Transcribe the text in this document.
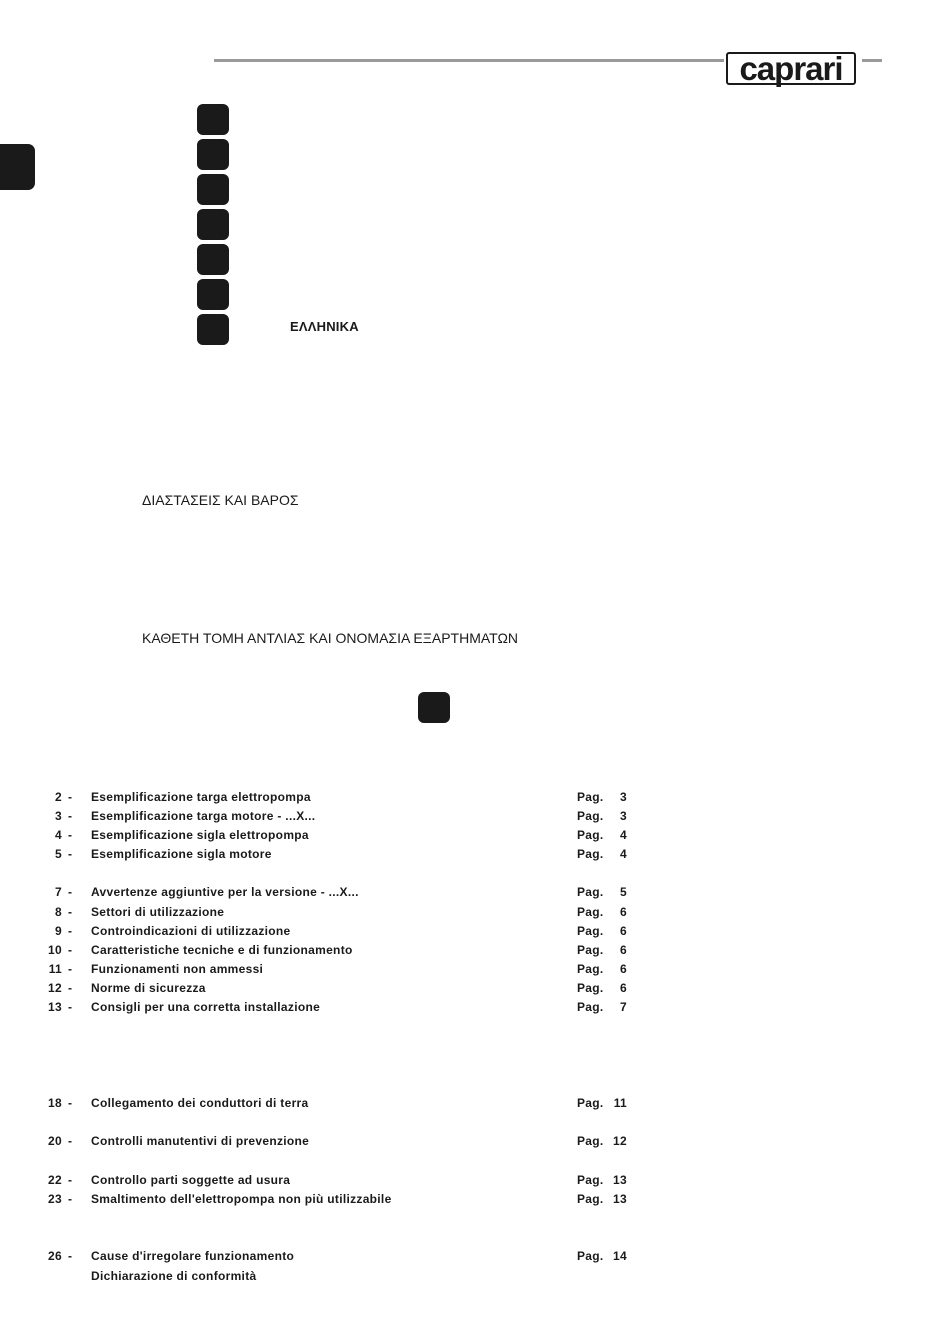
caprari
ΕΛΛΗΝΙΚΑ
ΔΙΑΣΤΑΣΕΙΣ ΚΑΙ ΒΑΡΟΣ
ΚΑΘΕΤΗ ΤΟΜΗ ΑΝΤΛΙΑΣ ΚΑΙ ΟΝΟΜΑΣΙΑ ΕΞΑΡΤΗΜΑΤΩΝ
2 - Esemplificazione targa elettropompa	Pag.	3
3 - Esemplificazione targa motore - ...X...	Pag.	3
4 - Esemplificazione sigla elettropompa	Pag.	4
5 - Esemplificazione sigla motore	Pag.	4
7 - Avvertenze aggiuntive per la versione - ...X...	Pag.	5
8 - Settori di utilizzazione	Pag.	6
9 - Controindicazioni di utilizzazione	Pag.	6
10 - Caratteristiche tecniche e di funzionamento	Pag.	6
11 - Funzionamenti non ammessi	Pag.	6
12 - Norme di sicurezza	Pag.	6
13 - Consigli per una corretta installazione	Pag.	7
18 - Collegamento dei conduttori di terra	Pag. 11
20 - Controlli manutentivi di prevenzione	Pag. 12
22 - Controllo parti soggette ad usura	Pag. 13
23 - Smaltimento dell'elettropompa non più utilizzabile	Pag. 13
26 - Cause d'irregolare funzionamento	Pag. 14
Dichiarazione di conformità
